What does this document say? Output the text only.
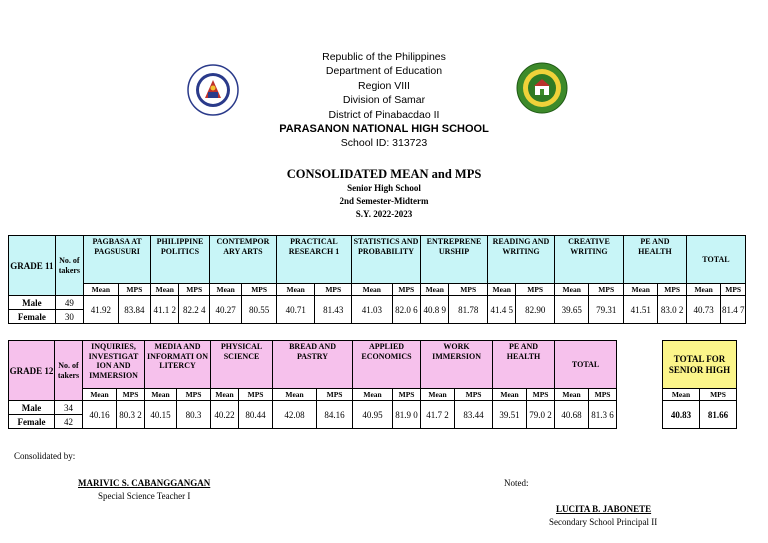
Republic of the Philippines
Department of Education
Region VIII
Division of Samar
District of Pinabacdao II
PARASANON NATIONAL HIGH SCHOOL
School ID: 313723
CONSOLIDATED MEAN and MPS
Senior High School
2nd Semester-Midterm
S.Y. 2022-2023
GRADE 11	No. of takers	PAGBASA AT PAGSUSURI		PHILIPPINE POLITICS		CONTEMPOR ARY ARTS		PRACTICAL RESEARCH 1		STATISTICS AND PROBABILITY		ENTREPRENE URSHIP		READING AND WRITING		CREATIVE WRITING		PE AND HEALTH		TOTAL	
		Mean	MPS	Mean	MPS	Mean	MPS	Mean	MPS	Mean	MPS	Mean	MPS	Mean	MPS	Mean	MPS	Mean	MPS	Mean	MPS
Male	49	41.92	83.84	41.1 2	82.2 4	40.27	80.55	40.71	81.43	41.03	82.0 6	40.8 9	81.78	41.4 5	82.90	39.65	79.31	41.51	83.0 2	40.73	81.4 7
Female	30																				
GRADE 12	No. of takers	INQUIRIES, INVESTIGAT ION AND IMMERSION		MEDIA AND INFORMATI ON LITERCY		PHYSICAL SCIENCE		BREAD AND PASTRY		APPLIED ECONOMICS		WORK IMMERSION		PE AND HEALTH		TOTAL	
		Mean	MPS	Mean	MPS	Mean	MPS	Mean	MPS	Mean	MPS	Mean	MPS	Mean	MPS	Mean	MPS
Male	34	40.16	80.3 2	40.15	80.3	40.22	80.44	42.08	84.16	40.95	81.9 0	41.7 2	83.44	39.51	79.0 2	40.68	81.3 6
Female	42																
TOTAL FOR SENIOR HIGH	
Mean	MPS
40.83	81.66
Consolidated by:
MARIVIC S. CABANGGANGAN
Special Science Teacher I
Noted:
LUCITA B. JABONETE
Secondary School Principal II
